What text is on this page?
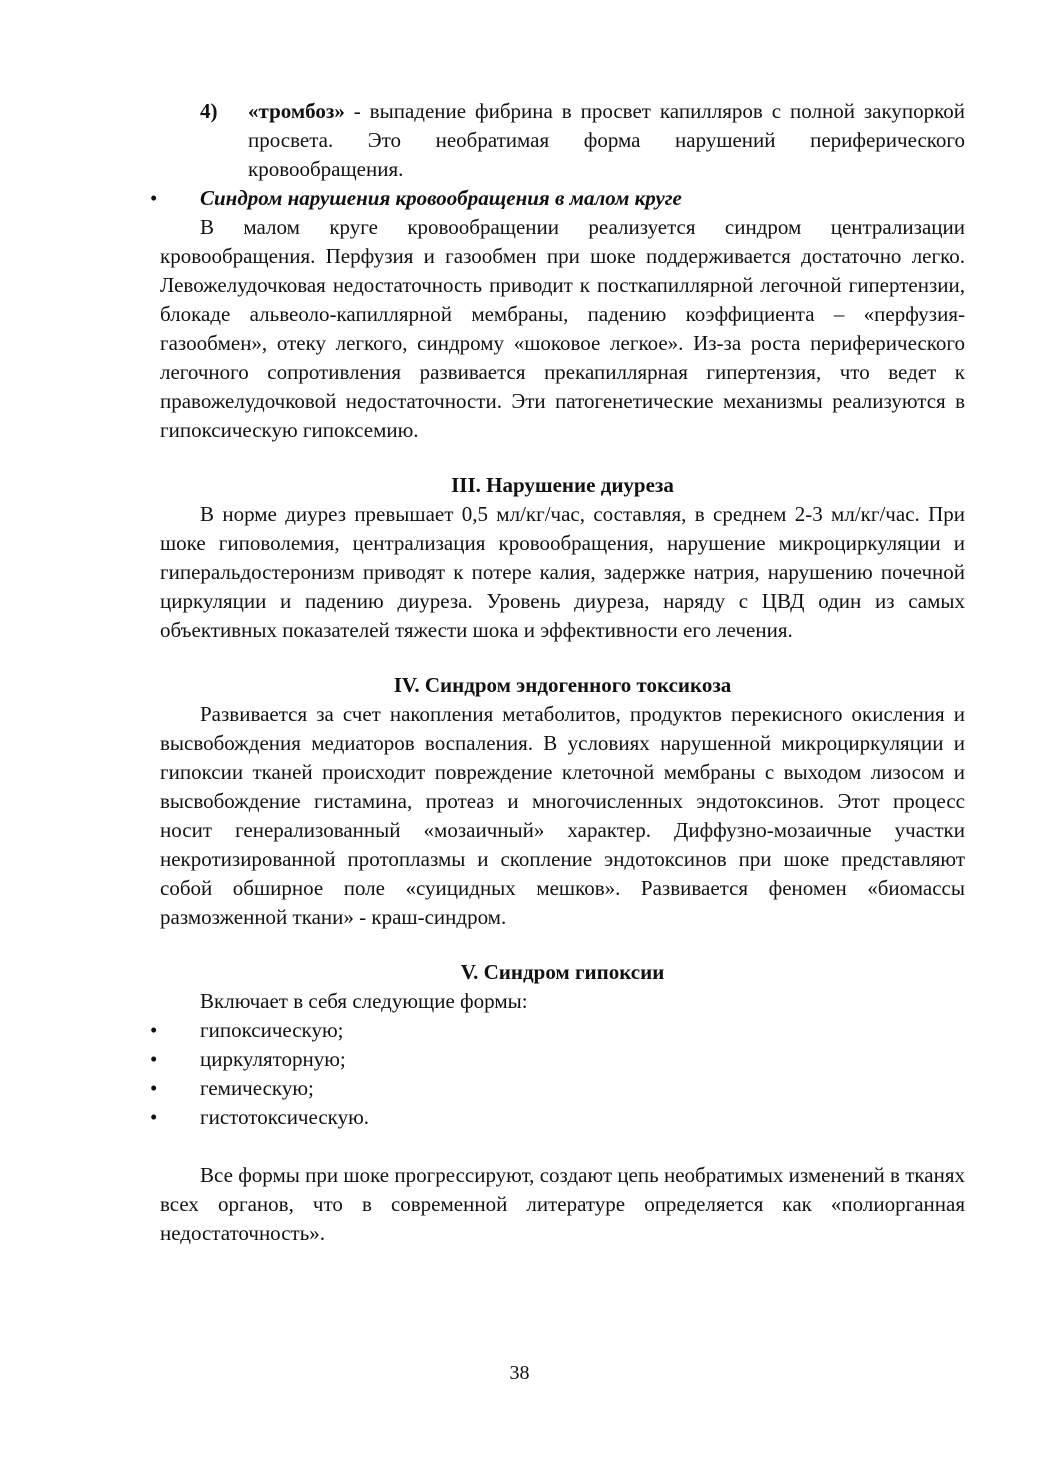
4) «тромбоз» - выпадение фибрина в просвет капилляров с полной закупоркой просвета. Это необратимая форма нарушений периферического кровообращения.

• Синдром нарушения кровообращения в малом круге

В малом круге кровообращении реализуется синдром централизации кровообращения. Перфузия и газообмен при шоке поддерживается достаточно легко. Левожелудочковая недостаточность приводит к посткапиллярной легочной гипертензии, блокаде альвеоло-капиллярной мембраны, падению коэффициента – «перфузия-газообмен», отеку легкого, синдрому «шоковое легкое». Из-за роста периферического легочного сопротивления развивается прекапиллярная гипертензия, что ведет к правожелудочковой недостаточности. Эти патогенетические механизмы реализуются в гипоксическую гипоксемию.

III. Нарушение диуреза

В норме диурез превышает 0,5 мл/кг/час, составляя, в среднем 2-3 мл/кг/час. При шоке гиповолемия, централизация кровообращения, нарушение микроциркуляции и гиперальдостеронизм приводят к потере калия, задержке натрия, нарушению почечной циркуляции и падению диуреза. Уровень диуреза, наряду с ЦВД один из самых объективных показателей тяжести шока и эффективности его лечения.

IV. Синдром эндогенного токсикоза

Развивается за счет накопления метаболитов, продуктов перекисного окисления и высвобождения медиаторов воспаления. В условиях нарушенной микроциркуляции и гипоксии тканей происходит повреждение клеточной мембраны с выходом лизосом и высвобождение гистамина, протеаз и многочисленных эндотоксинов. Этот процесс носит генерализованный «мозаичный» характер. Диффузно-мозаичные участки некротизированной протоплазмы и скопление эндотоксинов при шоке представляют собой обширное поле «суицидных мешков». Развивается феномен «биомассы размозженной ткани» - краш-синдром.

V. Синдром гипоксии

Включает в себя следующие формы:

• гипоксическую;
• циркуляторную;
• гемическую;
• гистотоксическую.

Все формы при шоке прогрессируют, создают цепь необратимых изменений в тканях всех органов, что в современной литературе определяется как «полиорганная недостаточность».

38
